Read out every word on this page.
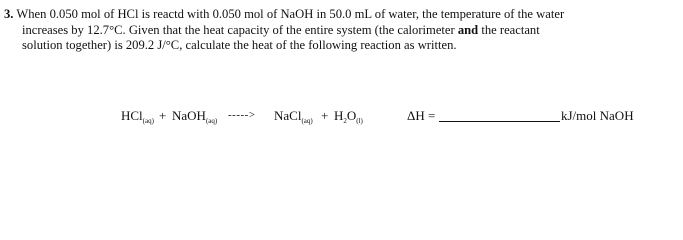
3. When 0.050 mol of HCl is reactd with 0.050 mol of NaOH in 50.0 mL of water, the temperature of the water
increases by 12.7°C. Given that the heat capacity of the entire system (the calorimeter and the reactant
solution together) is 209.2 J/°C, calculate the heat of the following reaction as written.
HCl$_{(aq)}$ + NaOH$_{(aq)}$ -----> NaCl$_{(aq)}$ + $H_2O_{(l)}$	ΔH =	kJ/mol NaOH
